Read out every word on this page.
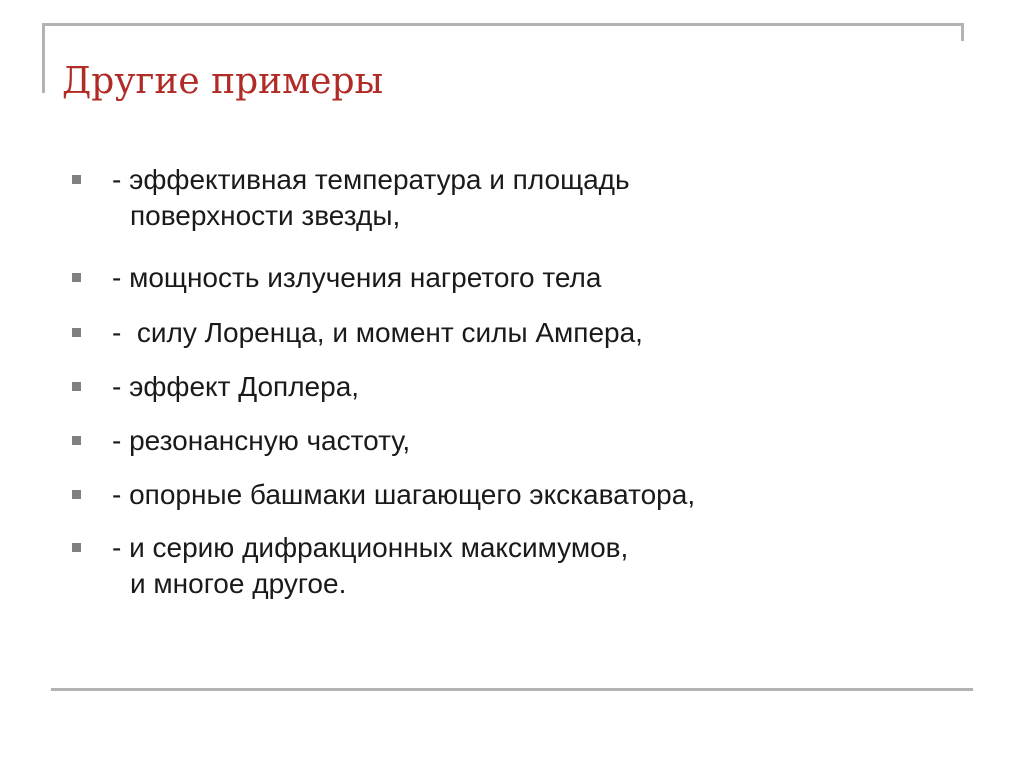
Другие примеры
- эффективная температура и площадь
поверхности звезды,
- мощность излучения нагретого тела
-  силу Лоренца, и момент силы Ампера,
- эффект Доплера,
- резонансную частоту,
- опорные башмаки шагающего экскаватора,
- и серию дифракционных максимумов,
и многое другое.
